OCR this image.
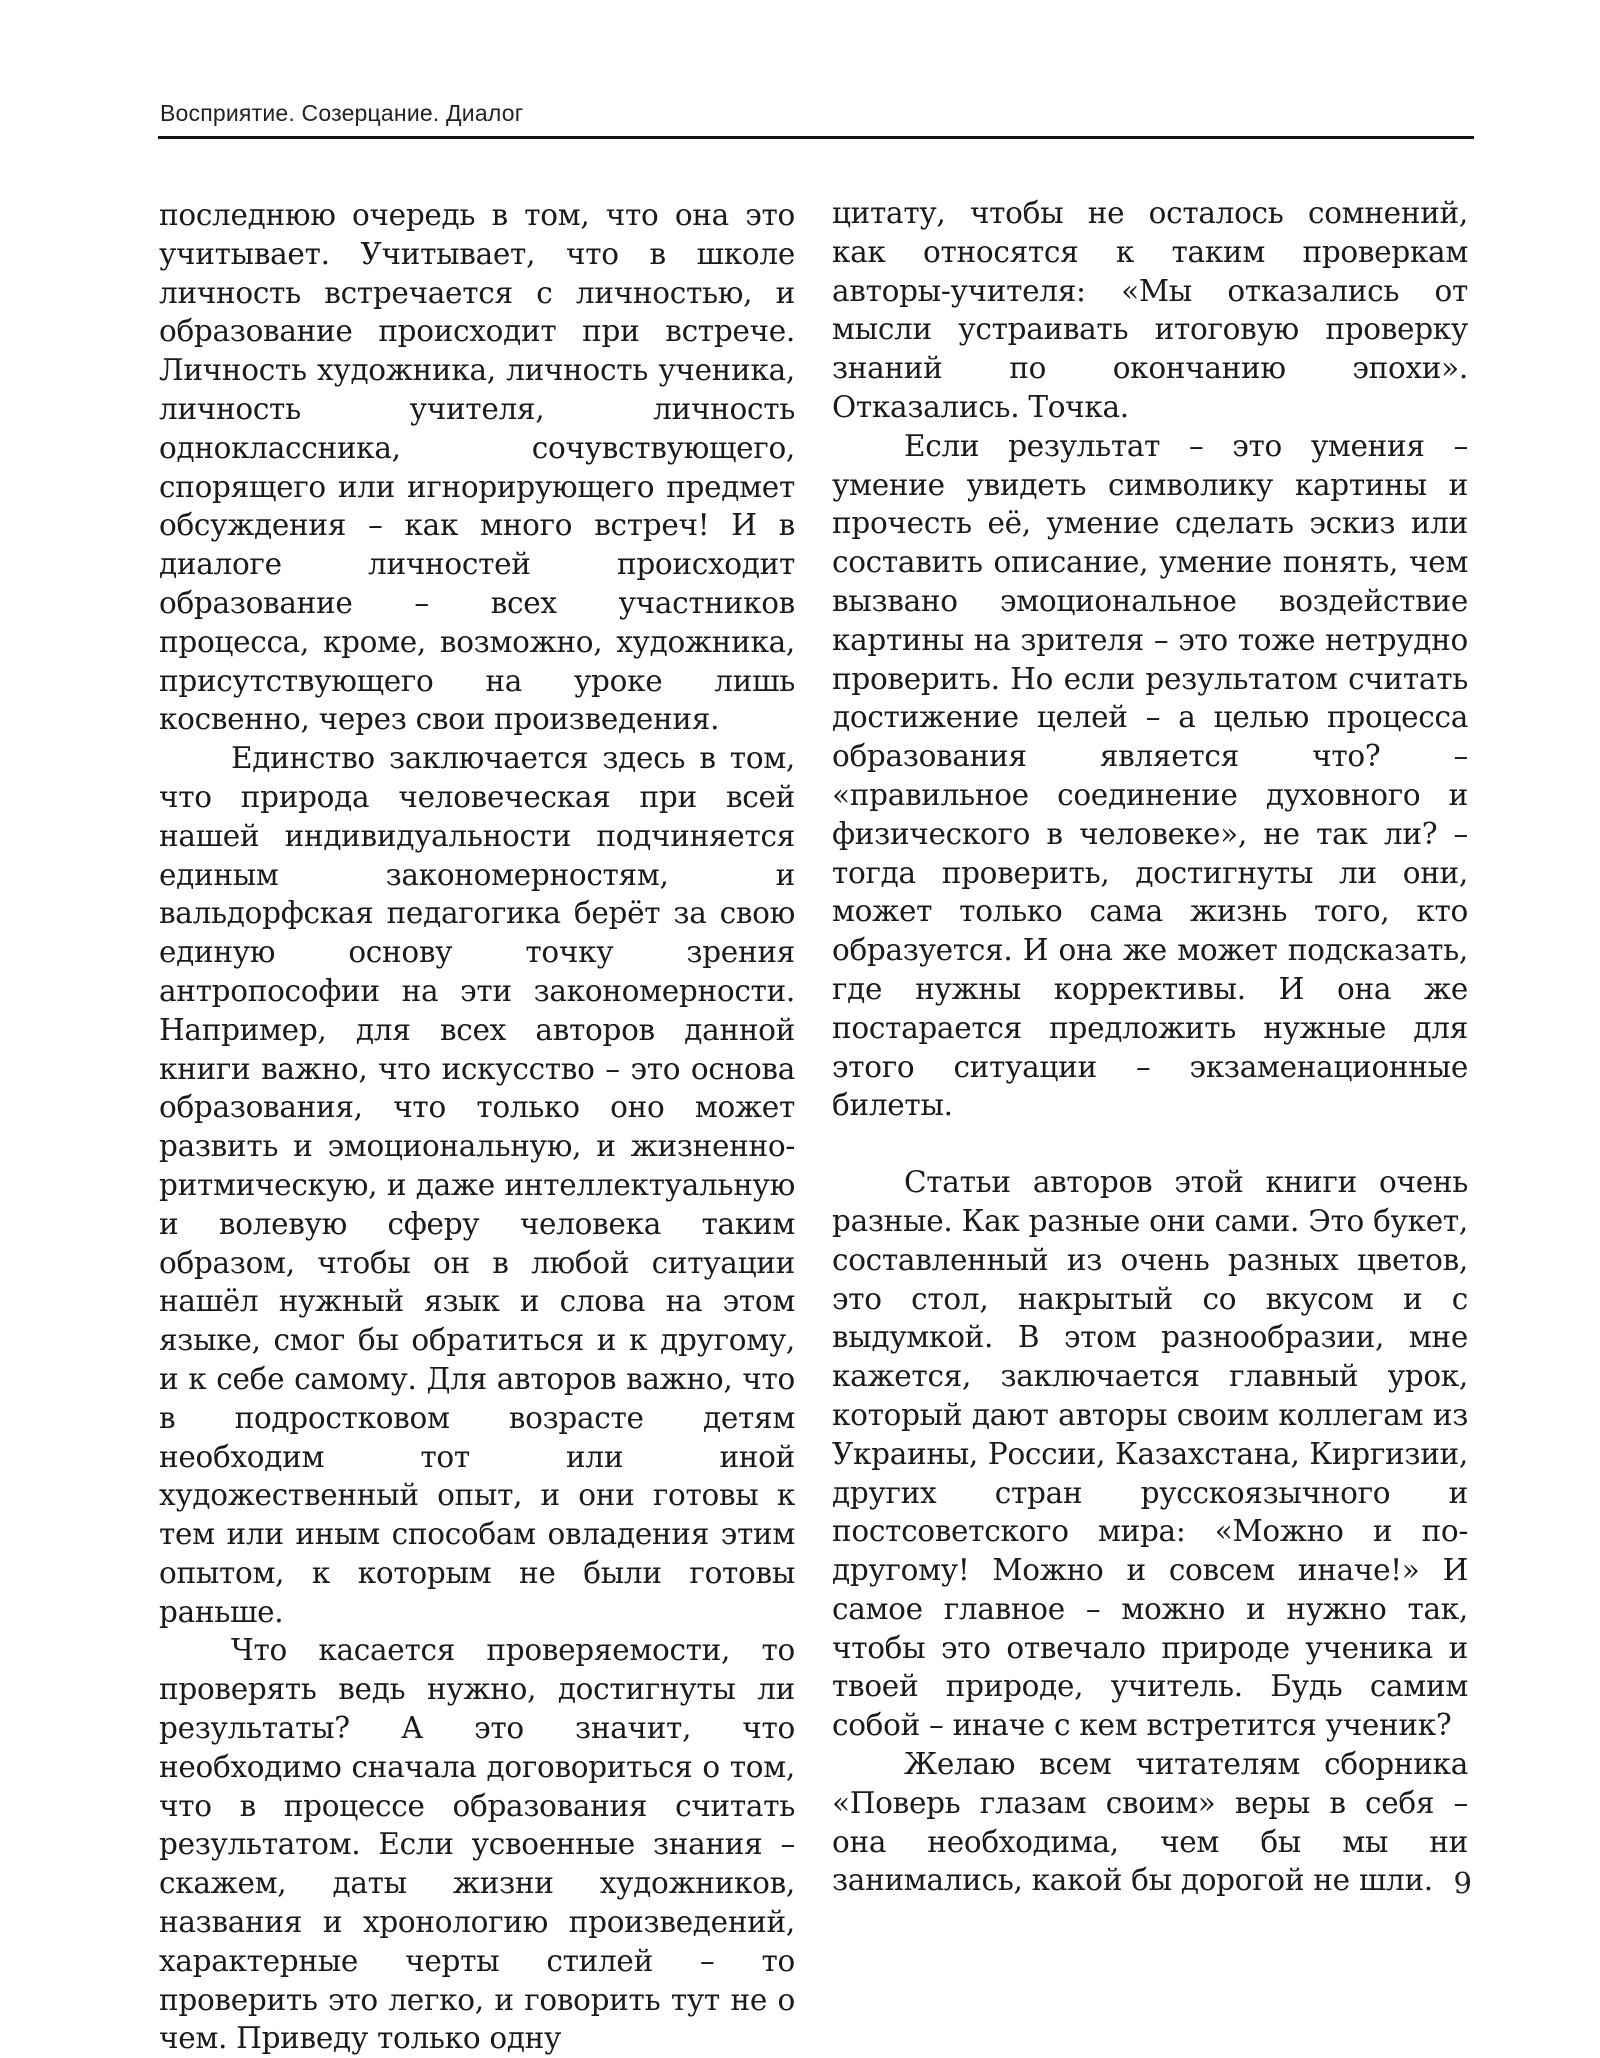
Восприятие. Созерцание. Диалог

последнюю очередь в том, что она это учитывает. Учитывает, что в школе личность встречается с личностью, и образование происходит при встрече. Личность художника, личность ученика, личность учителя, личность одноклассника, сочувствующего, спорящего или игнорирующего предмет обсуждения – как много встреч! И в диалоге личностей происходит образование – всех участников процесса, кроме, возможно, художника, присутствующего на уроке лишь косвенно, через свои произведения.

Единство заключается здесь в том, что природа человеческая при всей нашей индивидуальности подчиняется единым закономерностям, и вальдорфская педагогика берёт за свою единую основу точку зрения антропософии на эти закономерности. Например, для всех авторов данной книги важно, что искусство – это основа образования, что только оно может развить и эмоциональную, и жизненно-ритмическую, и даже интеллектуальную и волевую сферу человека таким образом, чтобы он в любой ситуации нашёл нужный язык и слова на этом языке, смог бы обратиться и к другому, и к себе самому. Для авторов важно, что в подростковом возрасте детям необходим тот или иной художественный опыт, и они готовы к тем или иным способам овладения этим опытом, к которым не были готовы раньше.

Что касается проверяемости, то проверять ведь нужно, достигнуты ли результаты? А это значит, что необходимо сначала договориться о том, что в процессе образования считать результатом. Если усвоенные знания – скажем, даты жизни художников, названия и хронологию произведений, характерные черты стилей – то проверить это легко, и говорить тут не о чем. Приведу только одну

цитату, чтобы не осталось сомнений, как относятся к таким проверкам авторы-учителя: «Мы отказались от мысли устраивать итоговую проверку знаний по окончанию эпохи». Отказались. Точка.

Если результат – это умения – умение увидеть символику картины и прочесть её, умение сделать эскиз или составить описание, умение понять, чем вызвано эмоциональное воздействие картины на зрителя – это тоже нетрудно проверить. Но если результатом считать достижение целей – а целью процесса образования является что? – «правильное соединение духовного и физического в человеке», не так ли? – тогда проверить, достигнуты ли они, может только сама жизнь того, кто образуется. И она же может подсказать, где нужны коррективы. И она же постарается предложить нужные для этого ситуации – экзаменационные билеты.

Статьи авторов этой книги очень разные. Как разные они сами. Это букет, составленный из очень разных цветов, это стол, накрытый со вкусом и с выдумкой. В этом разнообразии, мне кажется, заключается главный урок, который дают авторы своим коллегам из Украины, России, Казахстана, Киргизии, других стран русскоязычного и постсоветского мира: «Можно и по-другому! Можно и совсем иначе!» И самое главное – можно и нужно так, чтобы это отвечало природе ученика и твоей природе, учитель. Будь самим собой – иначе с кем встретится ученик?

Желаю всем читателям сборника «Поверь глазам своим» веры в себя – она необходима, чем бы мы ни занимались, какой бы дорогой не шли. 9
